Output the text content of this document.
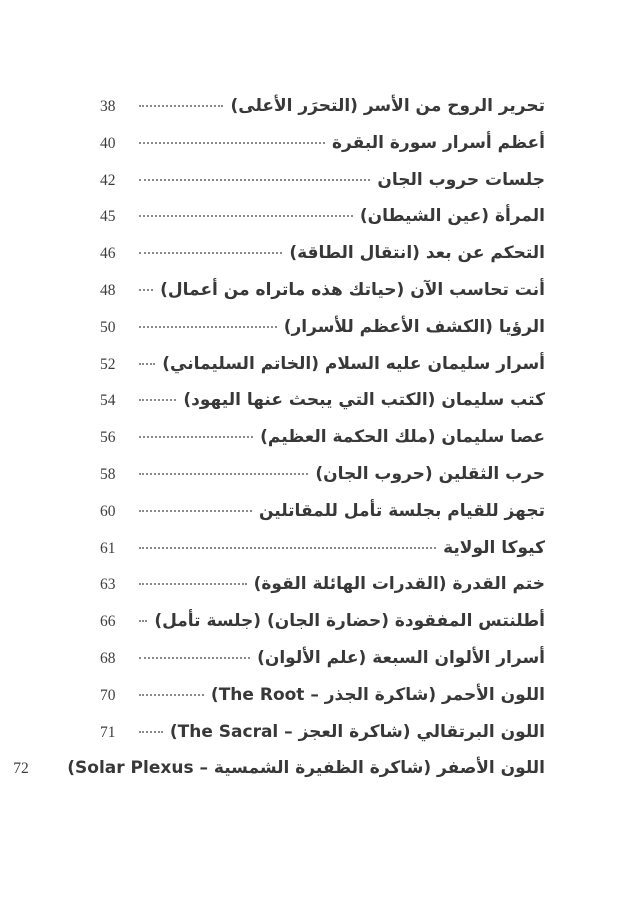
تحرير الروح من الأسر (التحرَر الأعلى)
38
أعظم أسرار سورة البقرة
40
جلسات حروب الجان
42
المرأة (عين الشيطان)
45
التحكم عن بعد (انتقال الطاقة)
46
أنت تحاسب الآن (حياتك هذه ماتراه من أعمال)
48
الرؤيا (الكشف الأعظم للأسرار)
50
أسرار سليمان عليه السلام (الخاتم السليماني)
52
كتب سليمان (الكتب التي يبحث عنها اليهود)
54
عصا سليمان (ملك الحكمة العظيم)
56
حرب الثقلين (حروب الجان)
58
تجهز للقيام بجلسة تأمل للمقاتلين
60
كيوكا الولاية
61
ختم القدرة (القدرات الهائلة القوة)
63
أطلنتس المفقودة (حضارة الجان) (جلسة تأمل)
66
أسرار الألوان السبعة (علم الألوان)
68
اللون الأحمر (شاكرة الجذر – The Root)
70
اللون البرتقالي (شاكرة العجز – The Sacral)
71
اللون الأصفر (شاكرة الظفيرة الشمسية – Solar Plexus)
72
